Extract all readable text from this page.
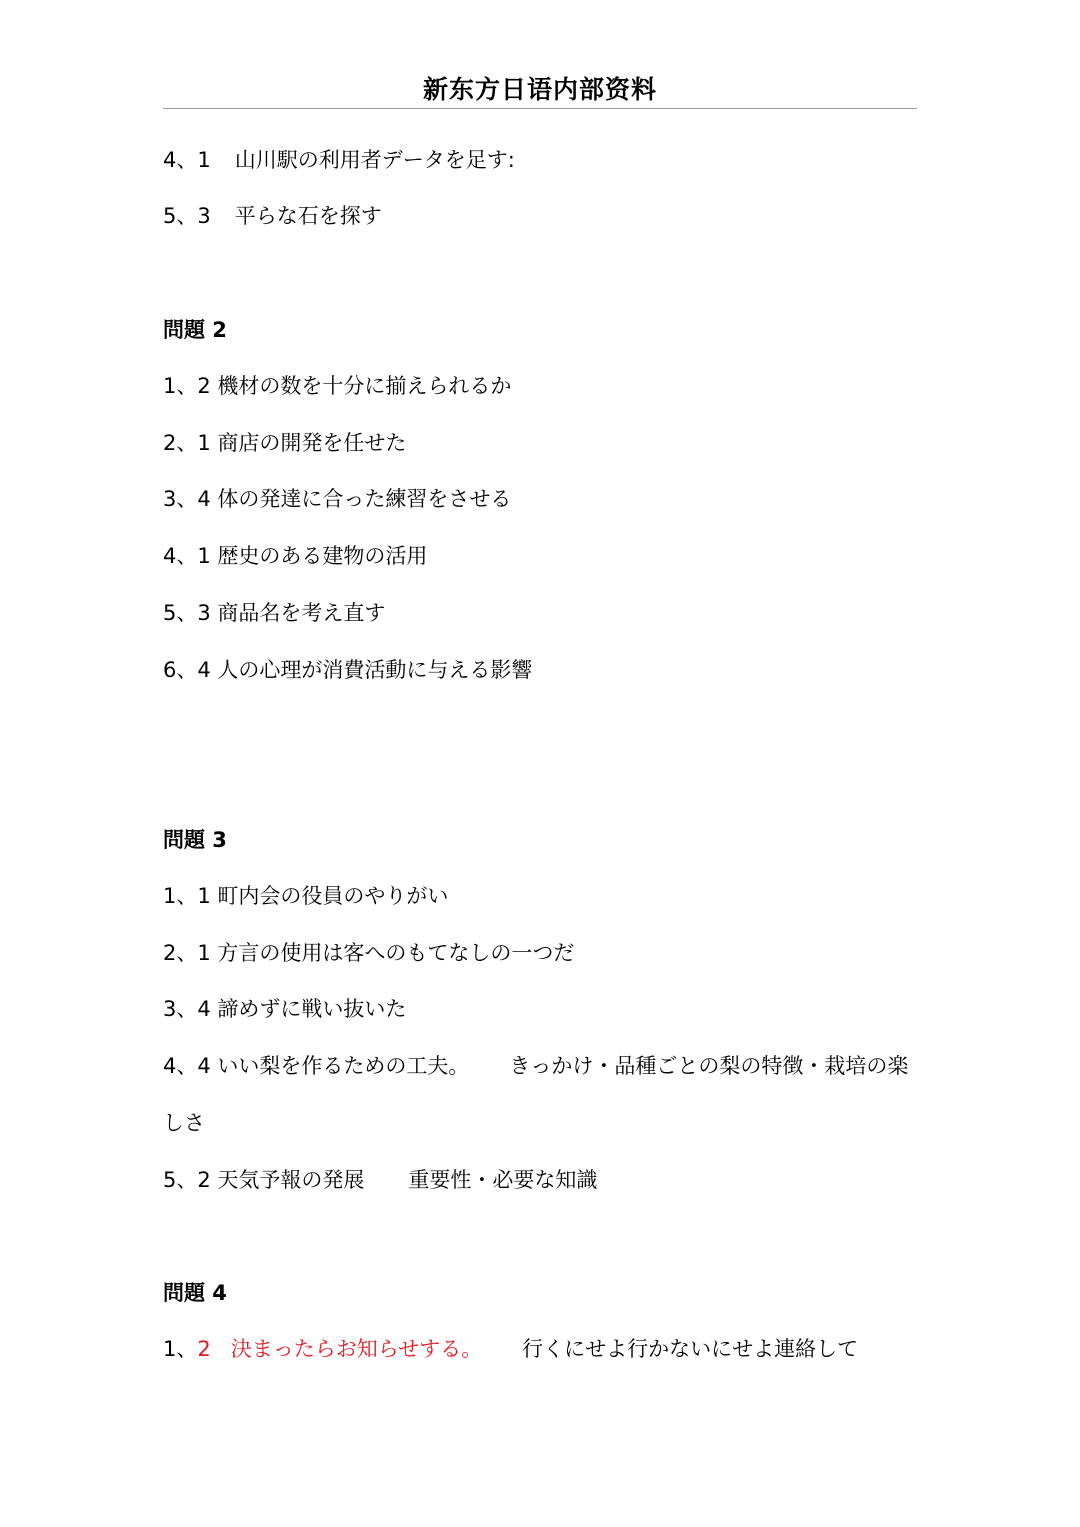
新东方日语内部资料
4、1 山川駅の利用者データを足す:
5、3 平らな石を探す
問題 2
1、2 機材の数を十分に揃えられるか
2、1 商店の開発を任せた
3、4 体の発達に合った練習をさせる
4、1 歴史のある建物の活用
5、3 商品名を考え直す
6、4 人の心理が消費活動に与える影響
問題 3
1、1 町内会の役員のやりがい
2、1 方言の使用は客へのもてなしの一つだ
3、4 諦めずに戦い抜いた
4、4 いい梨を作るための工夫。 きっかけ・品種ごとの梨の特徴・栽培の楽
しさ
5、2 天気予報の発展 重要性・必要な知識
問題 4
1、2 決まったらお知らせする。 行くにせよ行かないにせよ連絡して
